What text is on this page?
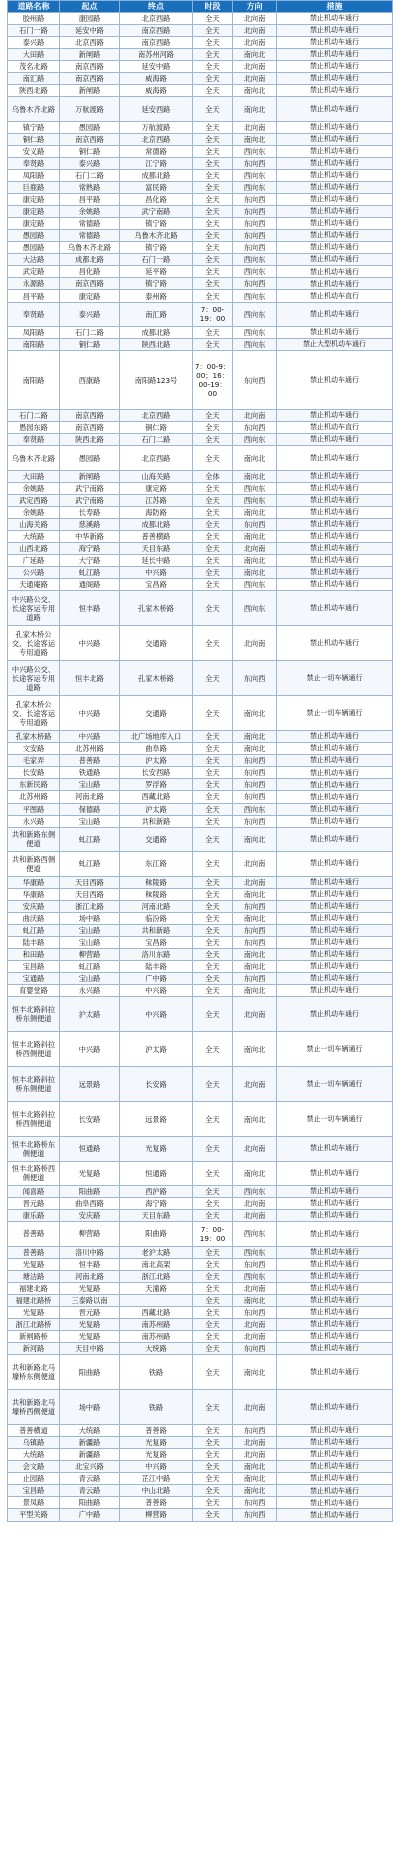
道路名称	起点	终点	时段	方向	措施
胶州路	康园路	北京西路	全天	北向南	禁止机动车通行
石门一路	延安中路	南京西路	全天	北向南	禁止机动车通行
泰兴路	北京西路	南京西路	全天	北向南	禁止机动车通行
大田路	新闸路	南苏州河路	全天	南向北	禁止机动车通行
茂名北路	南京西路	延安中路	全天	北向南	禁止机动车通行
南汇路	南京西路	威海路	全天	北向南	禁止机动车通行
陕西北路	新闸路	威海路	全天	南向北	禁止机动车通行
乌鲁木齐北路	万航渡路	延安西路	全天	南向北	禁止机动车通行
镇宁路	愚园路	万航渡路	全天	北向南	禁止机动车通行
铜仁路	南京西路	北京西路	全天	南向北	禁止机动车通行
安义路	铜仁路	常德路	全天	西向东	禁止机动车通行
奉贤路	泰兴路	江宁路	全天	东向西	禁止机动车通行
凤阳路	石门二路	成都北路	全天	西向东	禁止机动车通行
巨鹿路	常熟路	富民路	全天	西向东	禁止机动车通行
康定路	昌平路	昌化路	全天	东向西	禁止机动车通行
康定路	余姚路	武宁南路	全天	东向西	禁止机动车通行
康定路	常德路	镇宁路	全天	东向西	禁止机动车通行
愚园路	常德路	乌鲁木齐北路	全天	东向西	禁止机动车通行
愚园路	乌鲁木齐北路	镇宁路	全天	东向西	禁止机动车通行
大沽路	成都北路	石门一路	全天	西向东	禁止机动车通行
武定路	昌化路	延平路	全天	西向东	禁止机动车通行
永源路	南京西路	镇宁路	全天	东向西	禁止机动车通行
昌平路	康定路	泰州路	全天	西向东	禁止机动车直行
奉贤路	泰兴路	南汇路	7：00-19：00	西向东	禁止机动车通行
凤阳路	石门二路	成都北路	全天	西向东	禁止机动车通行
南阳路	铜仁路	陕西北路	全天	西向东	禁止大型机动车通行
南阳路	西康路	南阳路123号	7：00-9：00；16：00-19：00	东向西	禁止机动车通行
石门二路	南京西路	北京西路	全天	北向南	禁止机动车通行
愚园东路	南京西路	铜仁路	全天	东向西	禁止机动车直行
奉贤路	陕西北路	石门二路	全天	西向东	禁止机动车通行
乌鲁木齐北路	愚园路	北京西路	全天	南向北	禁止机动车通行
大田路	新闸路	山海关路	全体	南向北	禁止机动车通行
余姚路	武宁南路	康定路	全天	西向东	禁止机动车通行
武定西路	武宁南路	江苏路	全天	西向东	禁止机动车通行
余姚路	长寿路	海防路	全天	南向北	禁止机动车通行
山海关路	慈溪路	成都北路	全天	东向西	禁止机动车通行
大统路	中华新路	普善横路	全天	南向北	禁止机动车通行
山西北路	海宁路	天目东路	全天	北向南	禁止机动车通行
广延路	大宁路	延长中路	全天	南向北	禁止机动车通行
公兴路	虬江路	中兴路	全天	南向北	禁止机动车通行
天通庵路	通阁路	宝昌路	全天	西向东	禁止机动车通行
中兴路公交、长途客运专用道路	恒丰路	孔家木桥路	全天	西向东	禁止机动车通行
孔家木桥公交、长途客运专用道路	中兴路	交通路	全天	北向南	禁止机动车通行
中兴路公交、长途客运专用道路	恒丰北路	孔家木桥路	全天	东向西	禁止一切车辆通行
孔家木桥公交、长途客运专用道路	中兴路	交通路	全天	南向北	禁止一切车辆通行
孔家木桥路	中兴路	北广场地库入口	全天	南向北	禁止机动车通行
文安路	北苏州路	曲阜路	全天	南向北	禁止机动车通行
毛家弄	普善路	沪太路	全天	东向西	禁止机动车通行
长安路	铁通路	长安西路	全天	东向西	禁止机动车通行
东新民路	宝山路	罗浮路	全天	东向西	禁止机动车通行
北苏州路	河南北路	西藏北路	全天	东向西	禁止机动车通行
平图路	保德路	沪太路	全天	西向东	禁止机动车通行
永兴路	宝山路	共和新路	全天	东向西	禁止机动车通行
共和新路东侧便道	虬江路	交通路	全天	南向北	禁止机动车通行
共和新路西侧便道	虬江路	东江路	全天	北向南	禁止机动车通行
华康路	天目西路	秣陵路	全天	北向南	禁止机动车通行
华康路	天目西路	秣陵路	全天	南向北	禁止机动车通行
安庆路	浙江北路	河南北路	全天	东向西	禁止机动车通行
曲沃路	场中路	临汾路	全天	南向北	禁止机动车通行
虬江路	宝山路	共和新路	全天	东向西	禁止机动车通行
陆丰路	宝山路	宝昌路	全天	东向西	禁止机动车通行
和田路	柳营路	洛川东路	全天	南向北	禁止机动车通行
宝昌路	虬江路	陆丰路	全天	南向北	禁止机动车通行
宝通路	宝山路	广中路	全天	东向西	禁止机动车通行
育婴堂路	永兴路	中兴路	全天	南向北	禁止机动车通行
恒丰北路斜拉桥东侧便道	沪太路	中兴路	全天	北向南	禁止机动车通行
恒丰北路斜拉桥西侧便道	中兴路	沪太路	全天	南向北	禁止一切车辆通行
恒丰北路斜拉桥东侧便道	远景路	长安路	全天	北向南	禁止一切车辆通行
恒丰北路斜拉桥西侧便道	长安路	远景路	全天	南向北	禁止一切车辆通行
恒丰北路桥东侧便道	恒通路	光复路	全天	北向南	禁止机动车通行
恒丰北路桥西侧便道	光复路	恒通路	全天	南向北	禁止机动车通行
闻喜路	阳曲路	西沪路	全天	西向东	禁止机动车通行
晋元路	曲阜西路	海宁路	全天	北向南	禁止机动车通行
康乐路	安庆路	天目东路	全天	北向南	禁止机动车通行
普善路	柳营路	阳曲路	7：00-19：00	西向东	禁止机动车通行
普善路	洛川中路	老沪太路	全天	西向东	禁止机动车通行
光复路	恒丰路	南北高架	全天	东向西	禁止机动车通行
塘沽路	河南北路	浙江北路	全天	西向东	禁止机动车通行
福建北路	光复路	天潼路	全天	北向南	禁止机动车通行
福建北路桥	三泰路以南		全天	南向北	禁止机动车通行
光复路	晋元路	西藏北路	全天	东向西	禁止机动车通行
浙江北路桥	光复路	南苏州路	全天	北向南	禁止机动车通行
新闸路桥	光复路	南苏州路	全天	北向南	禁止机动车通行
新河路	天目中路	大统路	全天	东向西	禁止机动车通行
共和新路北马壕桥东侧便道	阳曲路	铁路	全天	南向北	禁止机动车通行
共和新路北马壕桥西侧便道	场中路	铁路	全天	北向南	禁止机动车通行
普善横道	大统路	普善路	全天	东向西	禁止机动车通行
乌镇路	新疆路	光复路	全天	北向南	禁止机动车通行
大统路	新疆路	光复路	全天	北向南	禁止机动车通行
会文路	北宝兴路	中兴路	全天	南向北	禁止机动车通行
止园路	青云路	芷江中路	全天	南向北	禁止机动车通行
宝昌路	青云路	中山北路	全天	南向北	禁止机动车通行
景凤路	阳曲路	普善路	全天	东向西	禁止机动车通行
平型关路	广中路	柳营路	全天	东向西	禁止机动车通行
